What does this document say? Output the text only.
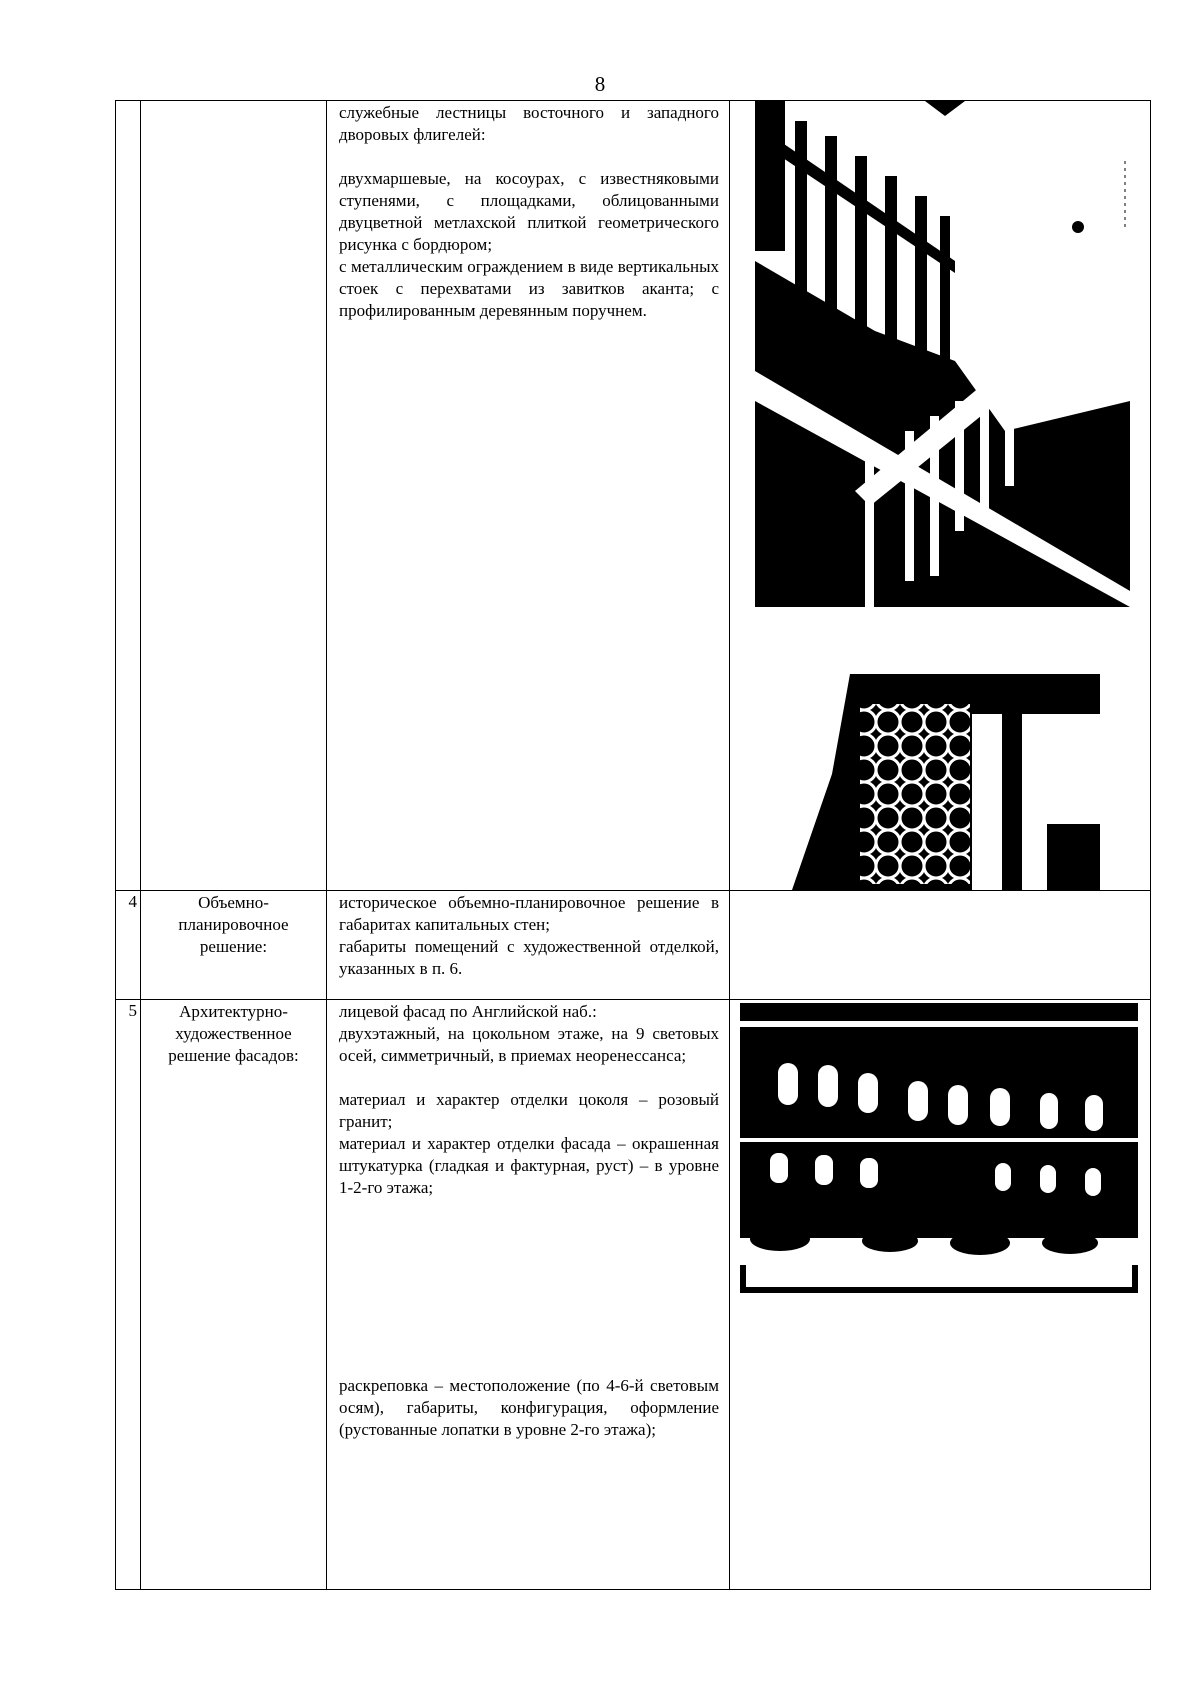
8

		служебные лестницы восточного и западного дворовых флигелей:

двухмаршевые, на косоурах, с известняковыми ступенями, с площадками, облицованными двуцветной метлахской плиткой геометрического рисунка с бордюром;

с металлическим ограждением в виде вертикальных стоек с перехватами из завитков аканта; с профилированным деревянным поручнем.

4	Объемно-планировочное решение:	историческое объемно-планировочное решение в габаритах капитальных стен;

габариты помещений с художественной отделкой, указанных в п. 6.	

5	Архитектурно-художественное решение фасадов:	лицевой фасад по Английской наб.:

двухэтажный, на цокольном этаже, на 9 световых осей, симметричный, в приемах неоренессанса;

материал и характер отделки цоколя – розовый гранит;

материал и характер отделки фасада – окрашенная штукатурка (гладкая и фактурная, руст) – в уровне 1-2-го этажа;

раскреповка – местоположение (по 4-6-й световым осям), габариты, конфигурация, оформление (рустованные лопатки в уровне 2-го этажа);
